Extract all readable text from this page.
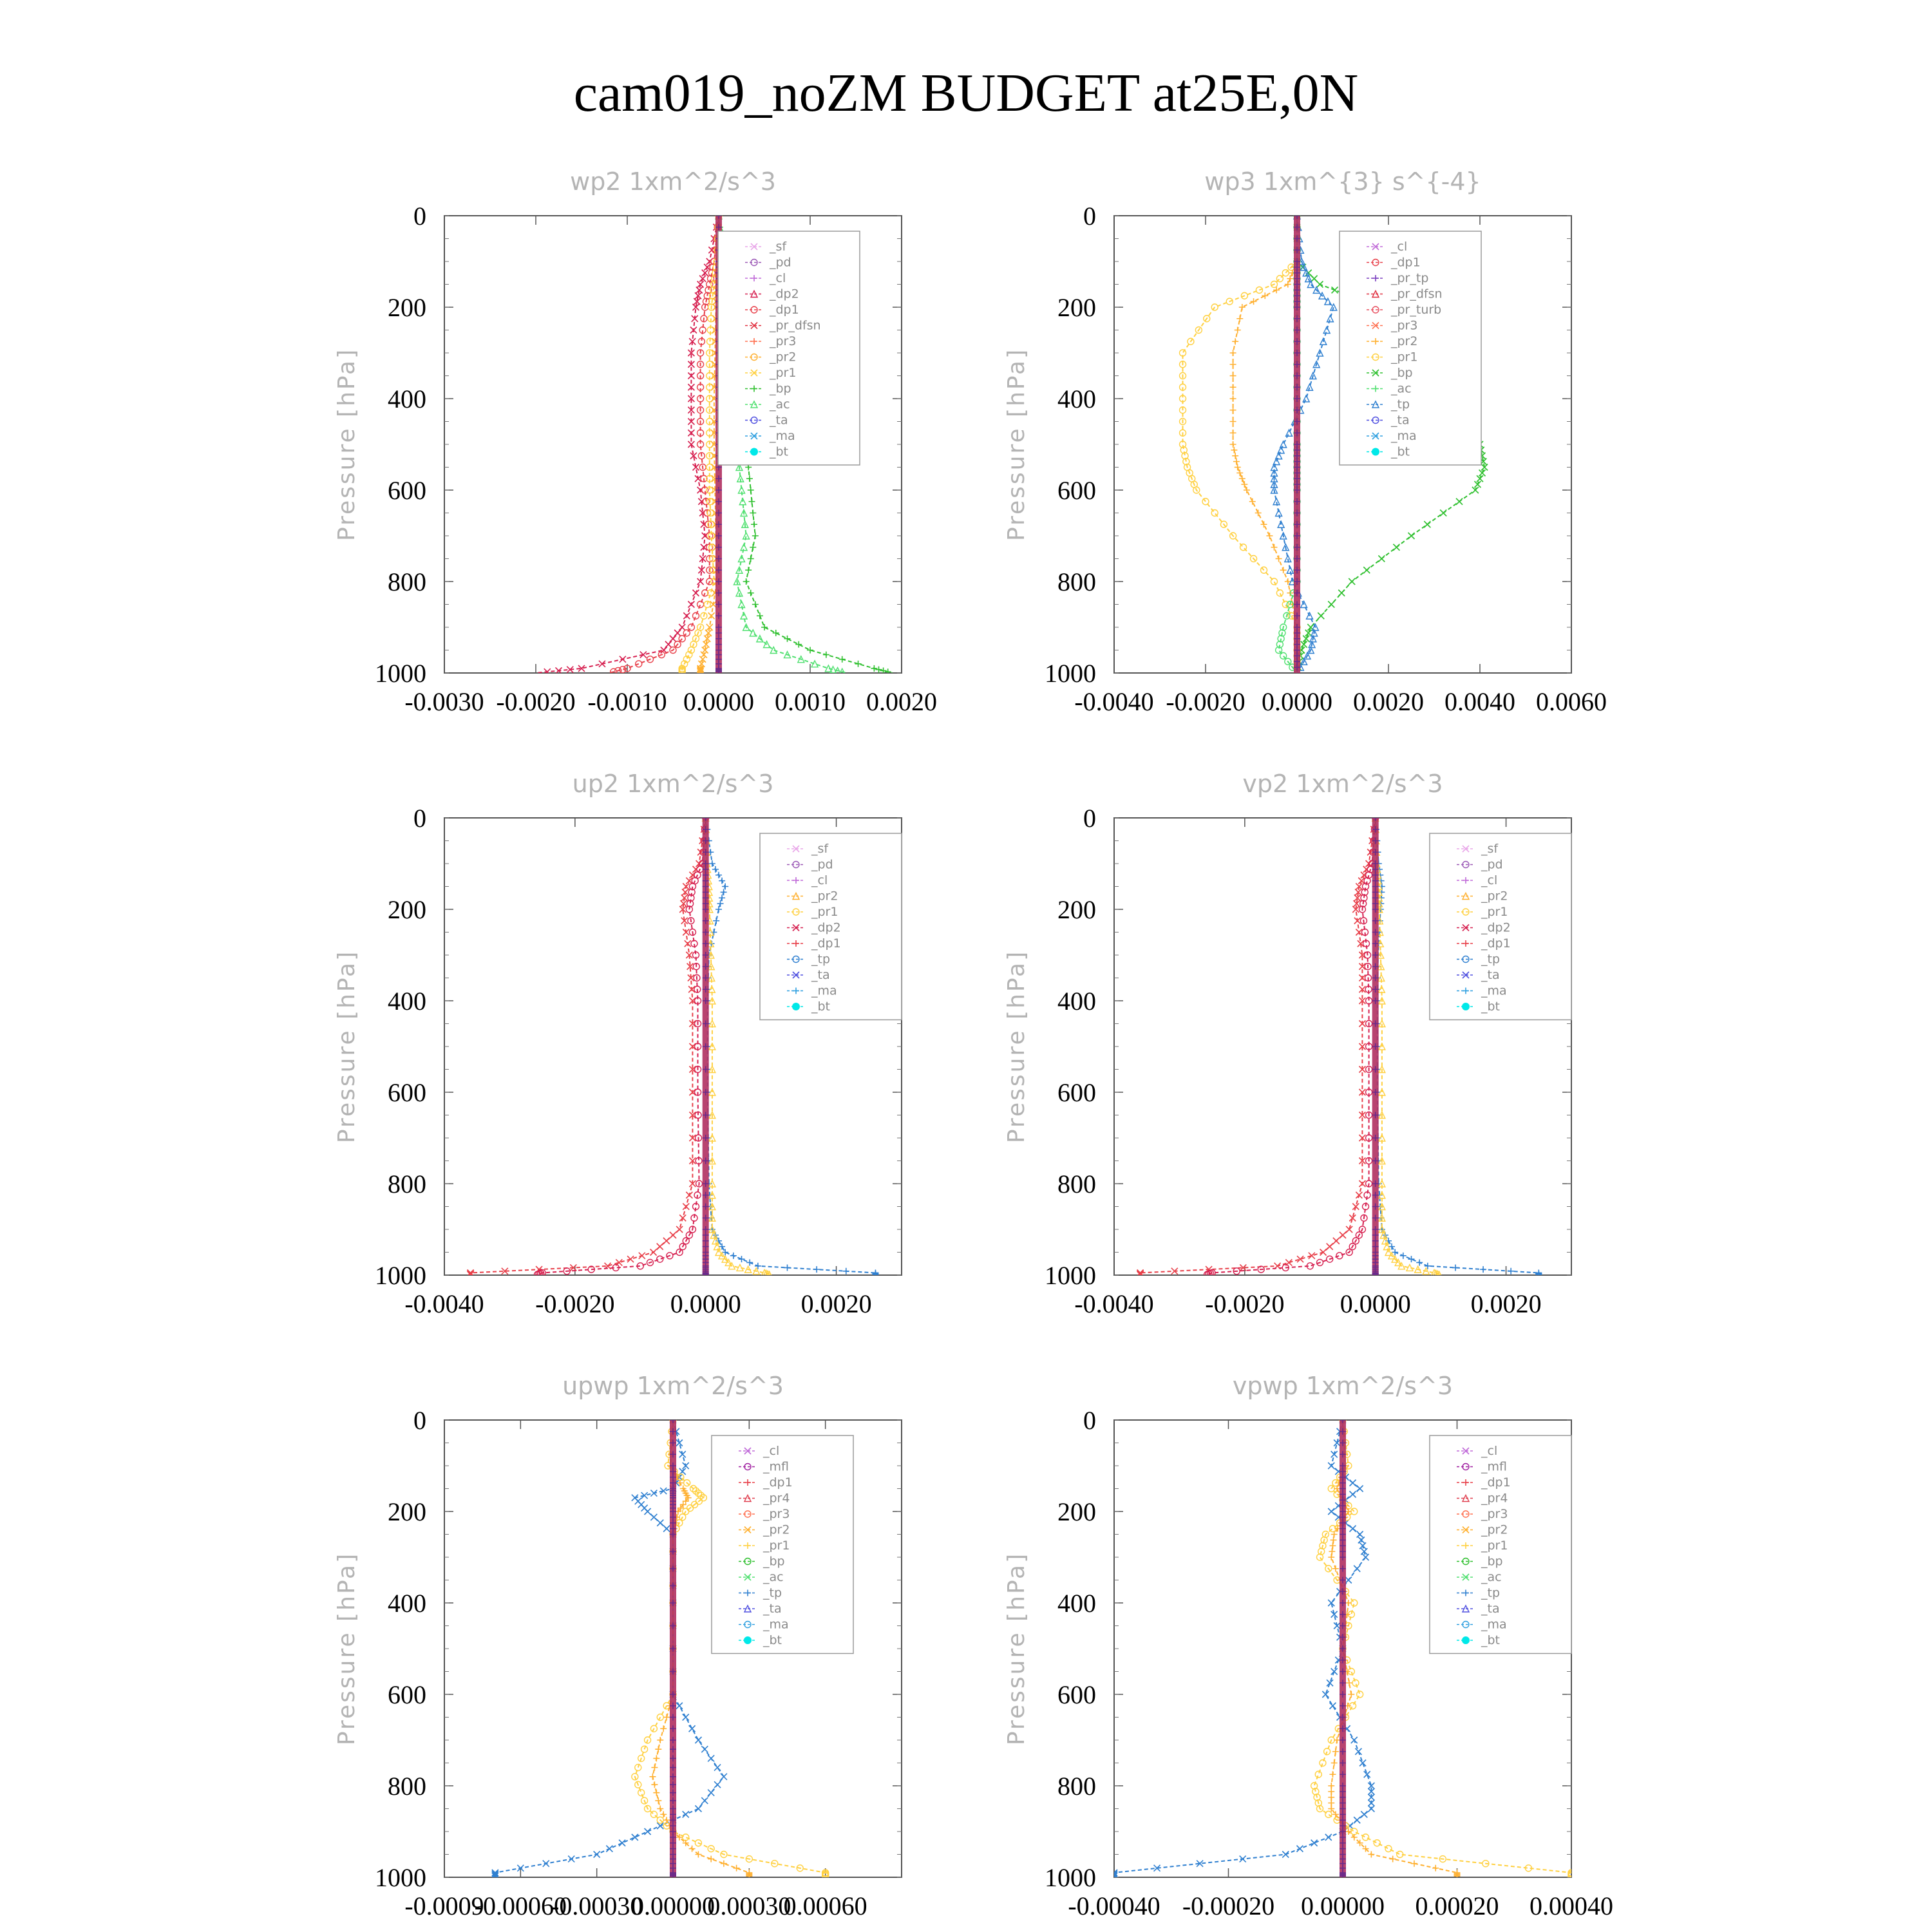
cam019_noZM BUDGET at25E,0N
wp2 1xm^2/s^3
Pressure [hPa]
0
200
400
600
800
1000
-0.0030 -0.0020 -0.0010 0.0000 0.0010 0.0020
_sf
_pd
_cl
_dp2
_dp1
_pr_dfsn
_pr3
_pr2
_pr1
_bp
_ac
_ta
_ma
_bt
wp3 1xm^{3} s^{-4}
Pressure [hPa]
0
200
400
600
800
1000
-0.0040 -0.0020 0.0000 0.0020 0.0040 0.0060
_cl
_dp1
_pr_tp
_pr_dfsn
_pr_turb
_pr3
_pr2
_pr1
_bp
_ac
_tp
_ta
_ma
_bt
up2 1xm^2/s^3
Pressure [hPa]
0
200
400
600
800
1000
-0.0040 -0.0020 0.0000 0.0020
_sf
_pd
_cl
_pr2
_pr1
_dp2
_dp1
_tp
_ta
_ma
_bt
vp2 1xm^2/s^3
Pressure [hPa]
0
200
400
600
800
1000
-0.0040 -0.0020 0.0000 0.0020
_sf
_pd
_cl
_pr2
_pr1
_dp2
_dp1
_tp
_ta
_ma
_bt
upwp 1xm^2/s^3
Pressure [hPa]
0
200
400
600
800
1000
-0.0009
-0.00060
-0.00030
0.00000
0.00030
0.00060
_cl
_mfl
_dp1
_pr4
_pr3
_pr2
_pr1
_bp
_ac
_tp
_ta
_ma
_bt
vpwp 1xm^2/s^3
Pressure [hPa]
0
200
400
600
800
1000
-0.00040 -0.00020 0.00000 0.00020 0.00040
_cl
_mfl
_dp1
_pr4
_pr3
_pr2
_pr1
_bp
_ac
_tp
_ta
_ma
_bt
